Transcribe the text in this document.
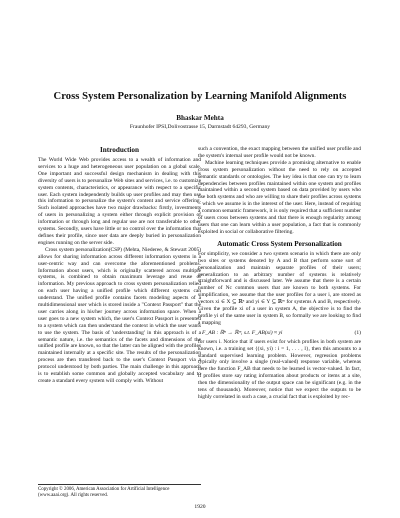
Cross System Personalization by Learning Manifold Alignments
Bhaskar Mehta
Fraunhofer IPSI,Dolivostrasse 15, Darmstadt 64293, Germany
Introduction

The World Wide Web provides access to a wealth of information and services to a huge and heterogeneous user population on a global scale. One important and successful design mechanism in dealing with this diversity of users is to personalize Web sites and services, i.e. to customize system contents, characteristics, or appearance with respect to a specific user. Each system independently builds up user profiles and may then use this information to personalize the system's content and service offering. Such isolated approaches have two major drawbacks: firstly, investments of users in personalizing a system either through explicit provision of information or through long and regular use are not transferable to other systems. Secondly, users have little or no control over the information that defines their profile, since user data are deeply buried in personalization engines running on the server side.

Cross system personalization(CSP) (Mehta, Niederee, & Stewart 2005) allows for sharing information across different information systems in a user-centric way and can overcome the aforementioned problems. Information about users, which is originally scattered across multiple systems, is combined to obtain maximum leverage and reuse of information. My previous approach to cross system personalization relied on each user having a unified profile which different systems can understand. The unified profile contains facets modeling aspects of a multidimensional user which is stored inside a "Context Passport" that the user carries along in his/her journey across information space. When a user goes to a new system which, the user's Context Passport is presented to a system which can then understand the context in which the user wants to use the system. The basis of 'understanding' in this approach is of a semantic nature, i.e. the semantics of the facets and dimensions of the unified profile are known, so that the latter can be aligned with the profiles maintained internally at a specific site. The results of the personalization process are then transfered back to the user's Context Passport via a protocol understood by both parties. The main challenge in this approach is to establish some common and globally accepted vocabulary and to create a standard every system will comply with. Without

Copyright © 2006, American Association for Artificial Intelligence (www.aaai.org). All rights reserved.

such a convention, the exact mapping between the unified user profile and the system's internal user profile would not be known.

Machine learning techniques provide a promising alternative to enable cross system personalization without the need to rely on accepted semantic standards or ontologies. The key idea is that one can try to learn dependencies between profiles maintained within one system and profiles maintained within a second system based on data provided by users who use both systems and who are willing to share their profiles across systems – which we assume is in the interest of the user. Here, instead of requiring a common semantic framework, it is only required that a sufficient number of users cross between systems and that there is enough regularity among users that one can learn within a user population, a fact that is commonly exploited in social or collaborative filtering.

Automatic Cross System Personalization

For simplicity, we consider a two system scenario in which there are only two sites or systems denoted by A and B that perform some sort of personalization and maintain separate profiles of their users; generalization to an arbitrary number of systems is relatively straightforward and is discussed later. We assume that there is a certain number of Nc common users that are known to both systems. For simplification, we assume that the user profiles for a user i, are stored as vectors xi ∈ X ⊆ ℝⁿ and yi ∈ Y ⊆ ℝᵐ for systems A and B, respectively. Given the profile xi of a user in system A, the objective is to find the profile yi of the same user in system B, so formally we are looking to find a mapping

F_AB : ℝⁿ → ℝᵐ, s.t. F_AB(xi) ≈ yi	(1)

for users i. Notice that if users exist for which profiles in both system are known, i.e. a training set {(xi, yi) : i = 1, . . . , l}, then this amounts to a standard supervised learning problem. However, regression problems typically only involve a single (real-valued) response variable, whereas here the function F_AB that needs to be learned is vector-valued. In fact, if profiles store say rating information about products or items at a site, then the dimensionality of the output space can be significant (e.g. in the tens of thousands). Moreover, notice that we expect the outputs to be highly correlated in such a case, a crucial fact that is exploited by rec-

1920
